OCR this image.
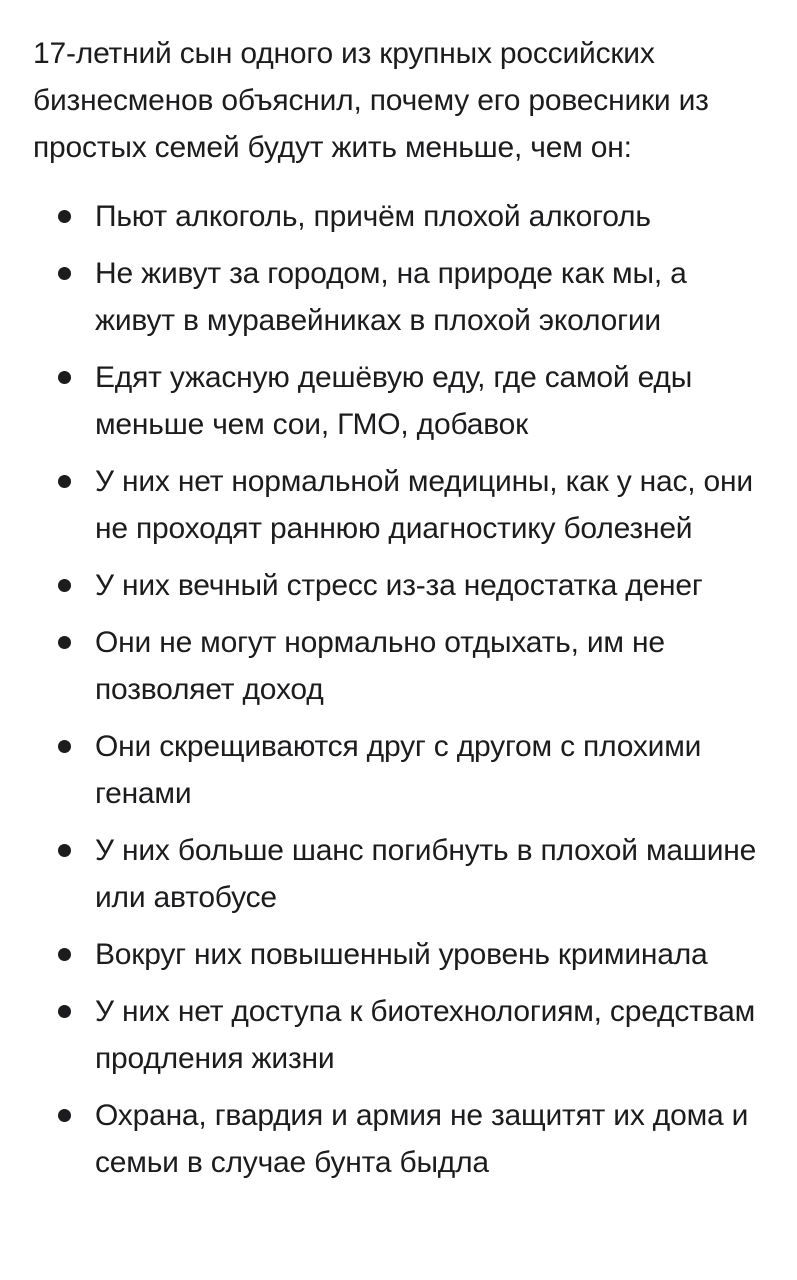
17-летний сын одного из крупных российских бизнесменов объяснил, почему его ровесники из простых семей будут жить меньше, чем он:

Пьют алкоголь, причём плохой алкоголь
Не живут за городом, на природе как мы, а живут в муравейниках в плохой экологии
Едят ужасную дешёвую еду, где самой еды меньше чем сои, ГМО, добавок
У них нет нормальной медицины, как у нас, они не проходят раннюю диагностику болезней
У них вечный стресс из-за недостатка денег
Они не могут нормально отдыхать, им не позволяет доход
Они скрещиваются друг с другом с плохими генами
У них больше шанс погибнуть в плохой машине или автобусе
Вокруг них повышенный уровень криминала
У них нет доступа к биотехнологиям, средствам продления жизни
Охрана, гвардия и армия не защитят их дома и семьи в случае бунта быдла
